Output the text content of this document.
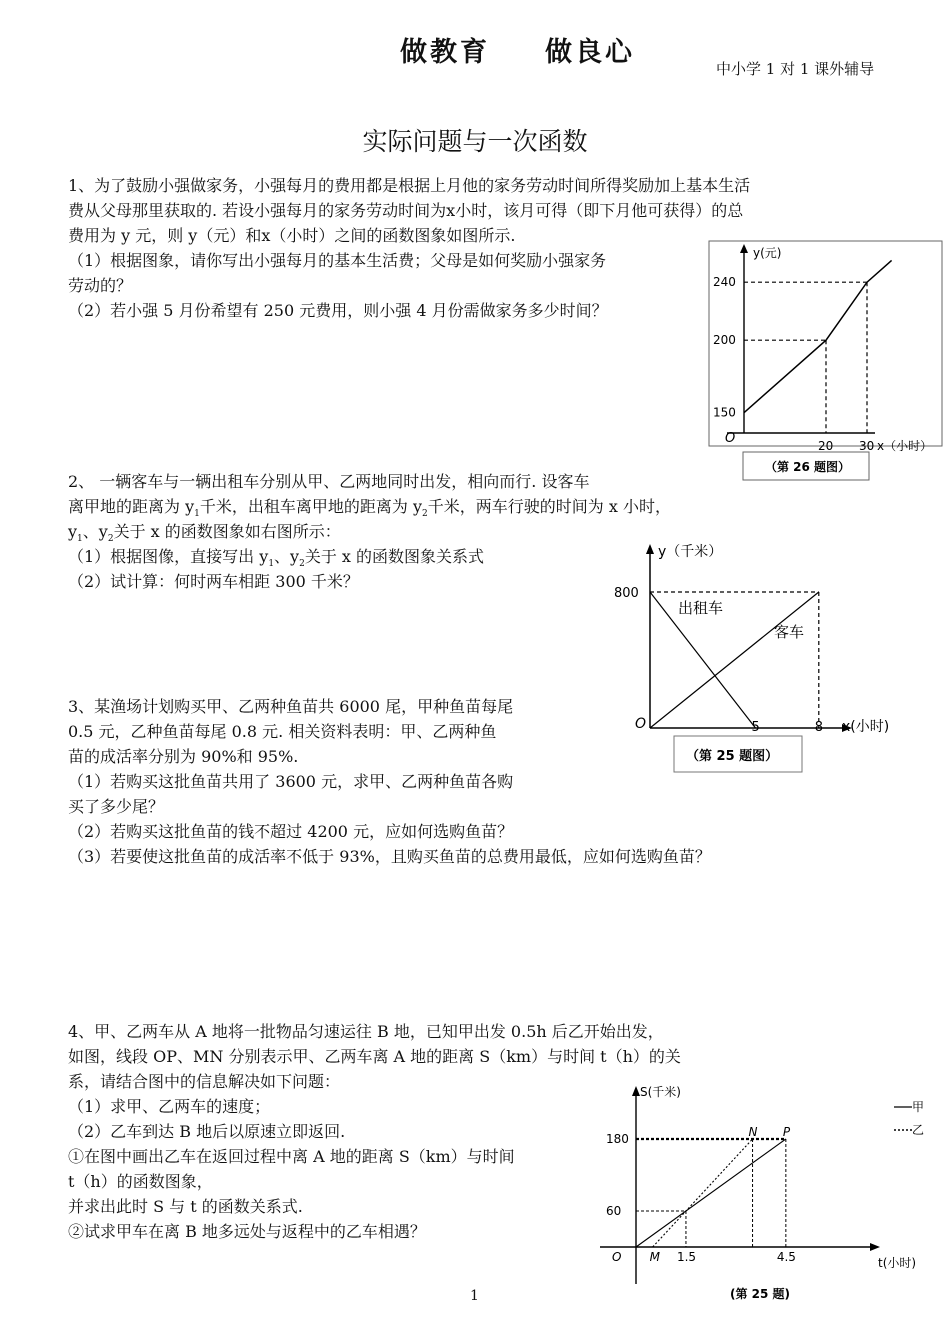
做教育 做良心
中小学 1 对 1 课外辅导
实际问题与一次函数
1、为了鼓励小强做家务，小强每月的费用都是根据上月他的家务劳动时间所得奖励加上基本生活
费从父母那里获取的. 若设小强每月的家务劳动时间为x小时，该月可得（即下月他可获得）的总
费用为 y 元，则 y（元）和x（小时）之间的函数图象如图所示.
（1）根据图象，请你写出小强每月的基本生活费；父母是如何奖励小强家务
劳动的？
（2）若小强 5 月份希望有 250 元费用，则小强 4 月份需做家务多少时间？
y(元)
x（小时）
O
240
200
150
20 30
（第 26 题图）
2、 一辆客车与一辆出租车分别从甲、乙两地同时出发，相向而行. 设客车
离甲地的距离为 $y_1$千米，出租车离甲地的距离为 $y_2$千米，两车行驶的时间为 x 小时，
$y_1$、$y_2$关于 x 的函数图象如右图所示：
（1）根据图像，直接写出 $y_1$、$y_2$关于 x 的函数图象关系式
（2）试计算：何时两车相距 300 千米？
y（千米）
x(小时)
O
800
5	8
出租车
客车
（第 25 题图）
3、某渔场计划购买甲、乙两种鱼苗共 6000 尾，甲种鱼苗每尾
0.5 元，乙种鱼苗每尾 0.8 元. 相关资料表明：甲、乙两种鱼
苗的成活率分别为 90%和 95%.
（1）若购买这批鱼苗共用了 3600 元，求甲、乙两种鱼苗各购
买了多少尾？
（2）若购买这批鱼苗的钱不超过 4200 元，应如何选购鱼苗？
（3）若要使这批鱼苗的成活率不低于 93%，且购买鱼苗的总费用最低，应如何选购鱼苗？
4、甲、乙两车从 A 地将一批物品匀速运往 B 地，已知甲出发 0.5h 后乙开始出发，
如图，线段 OP、MN 分别表示甲、乙两车离 A 地的距离 S（km）与时间 t（h）的关
系，请结合图中的信息解决如下问题：
（1）求甲、乙两车的速度；
（2）乙车到达 B 地后以原速立即返回.
①在图中画出乙车在返回过程中离 A 地的距离 S（km）与时间
t（h）的函数图象，
并求出此时 S 与 t 的函数关系式.
②试求甲车在离 B 地多远处与返程中的乙车相遇？
S(千米)
t(小时)
O
180
60
1.5	4.5
M
N P
甲
乙
(第 25 题)
1
